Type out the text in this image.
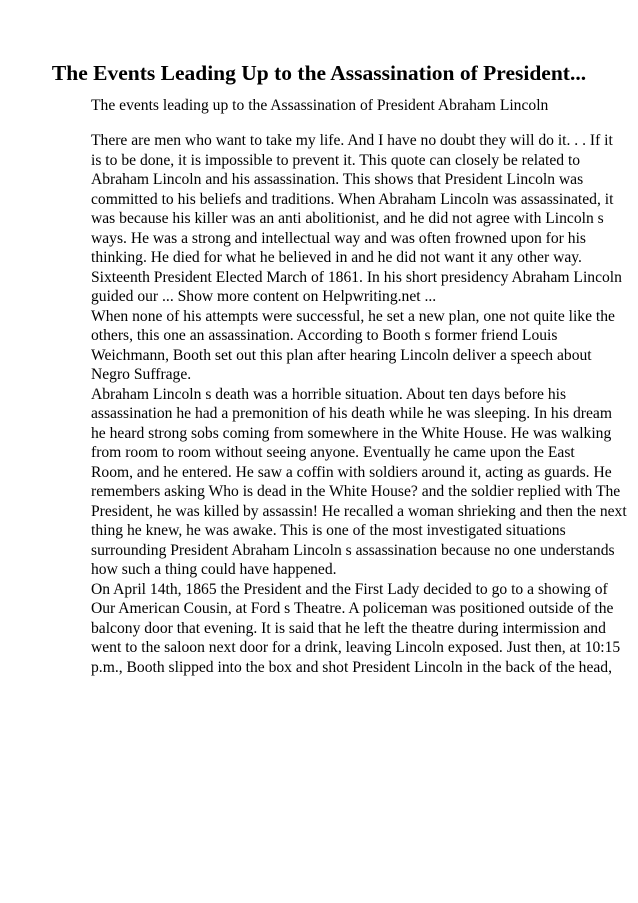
The Events Leading Up to the Assassination of President...

The events leading up to the Assassination of President Abraham Lincoln

There are men who want to take my life. And I have no doubt they will do it. . . If it
is to be done, it is impossible to prevent it. This quote can closely be related to
Abraham Lincoln and his assassination. This shows that President Lincoln was
committed to his beliefs and traditions. When Abraham Lincoln was assassinated, it
was because his killer was an anti abolitionist, and he did not agree with Lincoln s
ways. He was a strong and intellectual way and was often frowned upon for his
thinking. He died for what he believed in and he did not want it any other way.
Sixteenth President Elected March of 1861. In his short presidency Abraham Lincoln
guided our ... Show more content on Helpwriting.net ...
When none of his attempts were successful, he set a new plan, one not quite like the
others, this one an assassination. According to Booth s former friend Louis
Weichmann, Booth set out this plan after hearing Lincoln deliver a speech about
Negro Suffrage.
Abraham Lincoln s death was a horrible situation. About ten days before his
assassination he had a premonition of his death while he was sleeping. In his dream
he heard strong sobs coming from somewhere in the White House. He was walking
from room to room without seeing anyone. Eventually he came upon the East
Room, and he entered. He saw a coffin with soldiers around it, acting as guards. He
remembers asking Who is dead in the White House? and the soldier replied with The
President, he was killed by assassin! He recalled a woman shrieking and then the next
thing he knew, he was awake. This is one of the most investigated situations
surrounding President Abraham Lincoln s assassination because no one understands
how such a thing could have happened.
On April 14th, 1865 the President and the First Lady decided to go to a showing of
Our American Cousin, at Ford s Theatre. A policeman was positioned outside of the
balcony door that evening. It is said that he left the theatre during intermission and
went to the saloon next door for a drink, leaving Lincoln exposed. Just then, at 10:15
p.m., Booth slipped into the box and shot President Lincoln in the back of the head,
